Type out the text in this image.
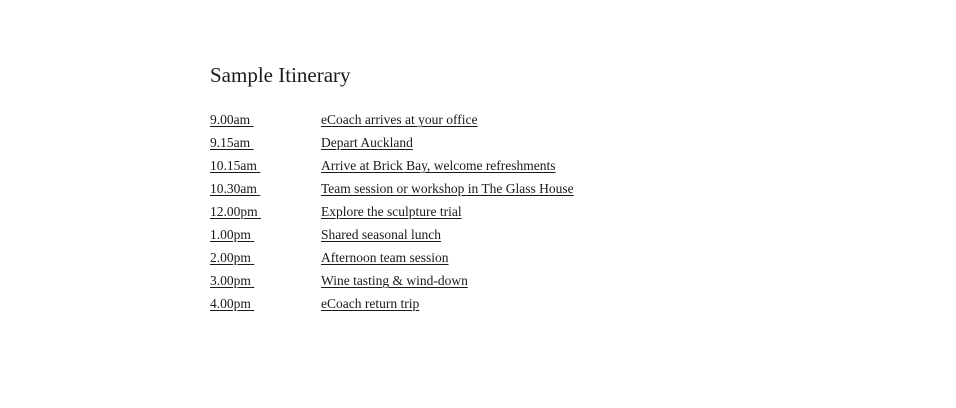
Sample Itinerary
9.00am	eCoach arrives at your office
9.15am	Depart Auckland
10.15am	Arrive at Brick Bay, welcome refreshments
10.30am	Team session or workshop in The Glass House
12.00pm	Explore the sculpture trial
1.00pm	Shared seasonal lunch
2.00pm	Afternoon team session
3.00pm	Wine tasting & wind-down
4.00pm	eCoach return trip
